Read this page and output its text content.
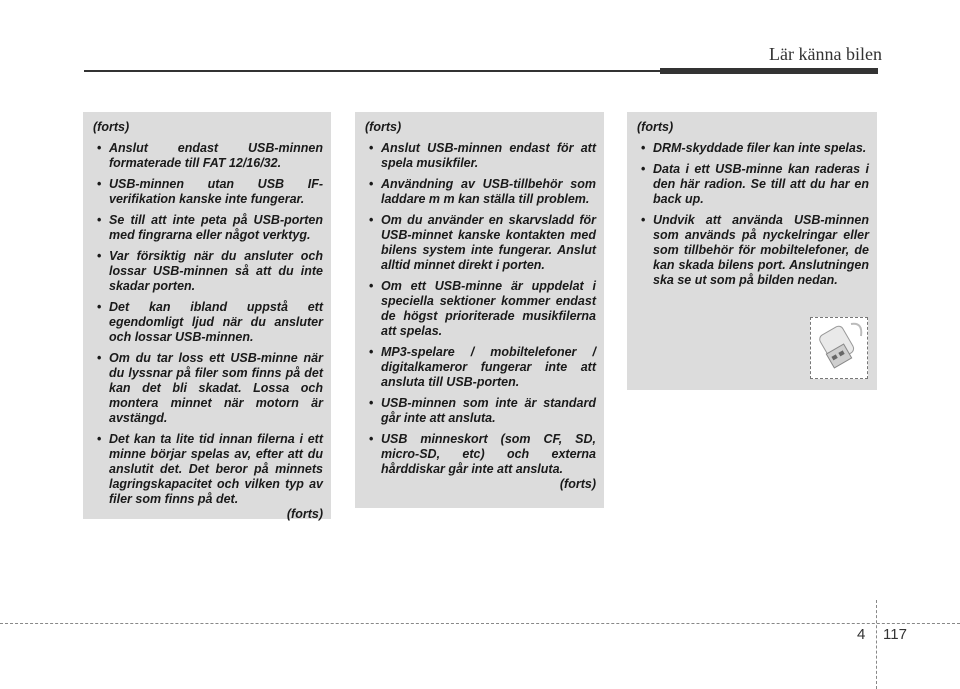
Lär känna bilen

(forts)

• Anslut endast USB-minnen formaterade till FAT 12/16/32.
• USB-minnen utan USB IF-verifikation kanske inte fungerar.
• Se till att inte peta på USB-porten med fingrarna eller något verktyg.
• Var försiktig när du ansluter och lossar USB-minnen så att du inte skadar porten.
• Det kan ibland uppstå ett egendomligt ljud när du ansluter och lossar USB-minnen.
• Om du tar loss ett USB-minne när du lyssnar på filer som finns på det kan det bli skadat. Lossa och montera minnet när motorn är avstängd.
• Det kan ta lite tid innan filerna i ett minne börjar spelas av, efter att du anslutit det. Det beror på minnets lagringskapacitet och vilken typ av filer som finns på det.

(forts)

(forts)

• Anslut USB-minnen endast för att spela musikfiler.
• Användning av USB-tillbehör som laddare m m kan ställa till problem.
• Om du använder en skarvsladd för USB-minnet kanske kontakten med bilens system inte fungerar. Anslut alltid minnet direkt i porten.
• Om ett USB-minne är uppdelat i speciella sektioner kommer endast de högst prioriterade musikfilerna att spelas.
• MP3-spelare / mobiltelefoner / digitalkameror fungerar inte att ansluta till USB-porten.
• USB-minnen som inte är standard går inte att ansluta.
• USB minneskort (som CF, SD, micro-SD, etc) och externa hårddiskar går inte att ansluta.

(forts)

(forts)

• DRM-skyddade filer kan inte spelas.
• Data i ett USB-minne kan raderas i den här radion. Se till att du har en back up.
• Undvik att använda USB-minnen som används på nyckelringar eller som tillbehör för mobiltelefoner, de kan skada bilens port. Anslutningen ska se ut som på bilden nedan.
4 117
